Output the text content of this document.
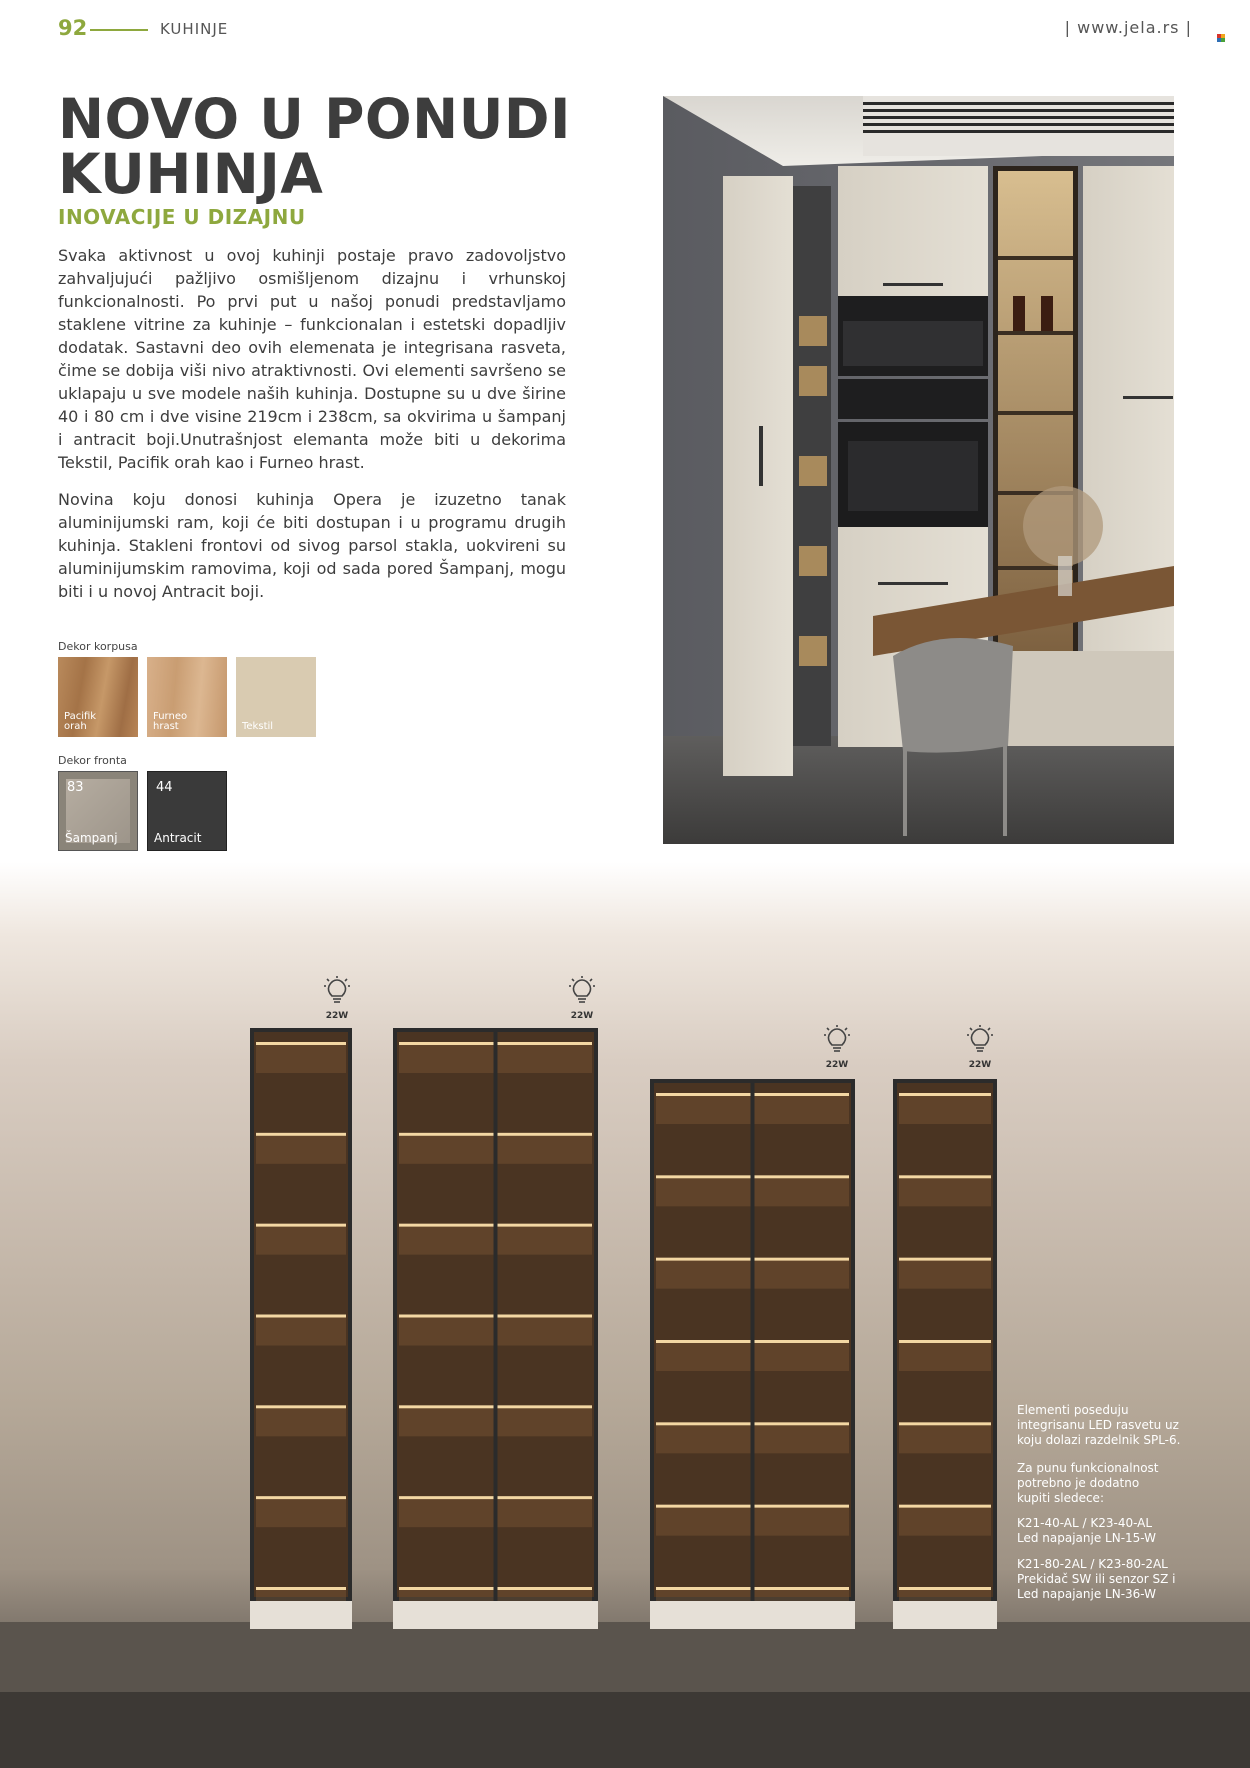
92	KUHINJE	| www.jela.rs |
NOVO U PONUDI
KUHINJA
INOVACIJE U DIZAJNU

Svaka aktivnost u ovoj kuhinji postaje pravo zadovoljstvo zahvaljujući pažljivo osmišljenom dizajnu i vrhunskoj funkcionalnosti. Po prvi put u našoj ponudi predstavljamo staklene vitrine za kuhinje – funkcionalan i estetski dopadljiv dodatak. Sastavni deo ovih elemenata je integrisana rasveta, čime se dobija viši nivo atraktivnosti. Ovi elementi savršeno se uklapaju u sve modele naših kuhinja. Dostupne su u dve širine 40 i 80 cm i dve visine 219cm i 238cm, sa okvirima u šampanj i antracit boji.Unutrašnjost elemanta može biti u dekorima Tekstil, Pacifik orah kao i Furneo hrast.

Novina koju donosi kuhinja Opera je izuzetno tanak aluminijumski ram, koji će biti dostupan i u programu drugih kuhinja. Stakleni frontovi od sivog parsol stakla, uokvireni su aluminijumskim ramovima, koji od sada pored Šampanj, mogu biti i u novoj Antracit boji.

Dekor korpusa
Pacifik
orah
Furneo
hrast	Tekstil
Dekor fronta
83
Šampanj
44
Antracit
22W	22W
22W	22W
Elementi poseduju
integrisanu LED rasvetu uz
koju dolazi razdelnik SPL-6.
Za punu funkcionalnost
potrebno je dodatno
kupiti sledece:
K21-40-AL / K23-40-AL
Led napajanje LN-15-W
K21-80-2AL / K23-80-2AL
Prekidač SW ili senzor SZ i
Led napajanje LN-36-W
